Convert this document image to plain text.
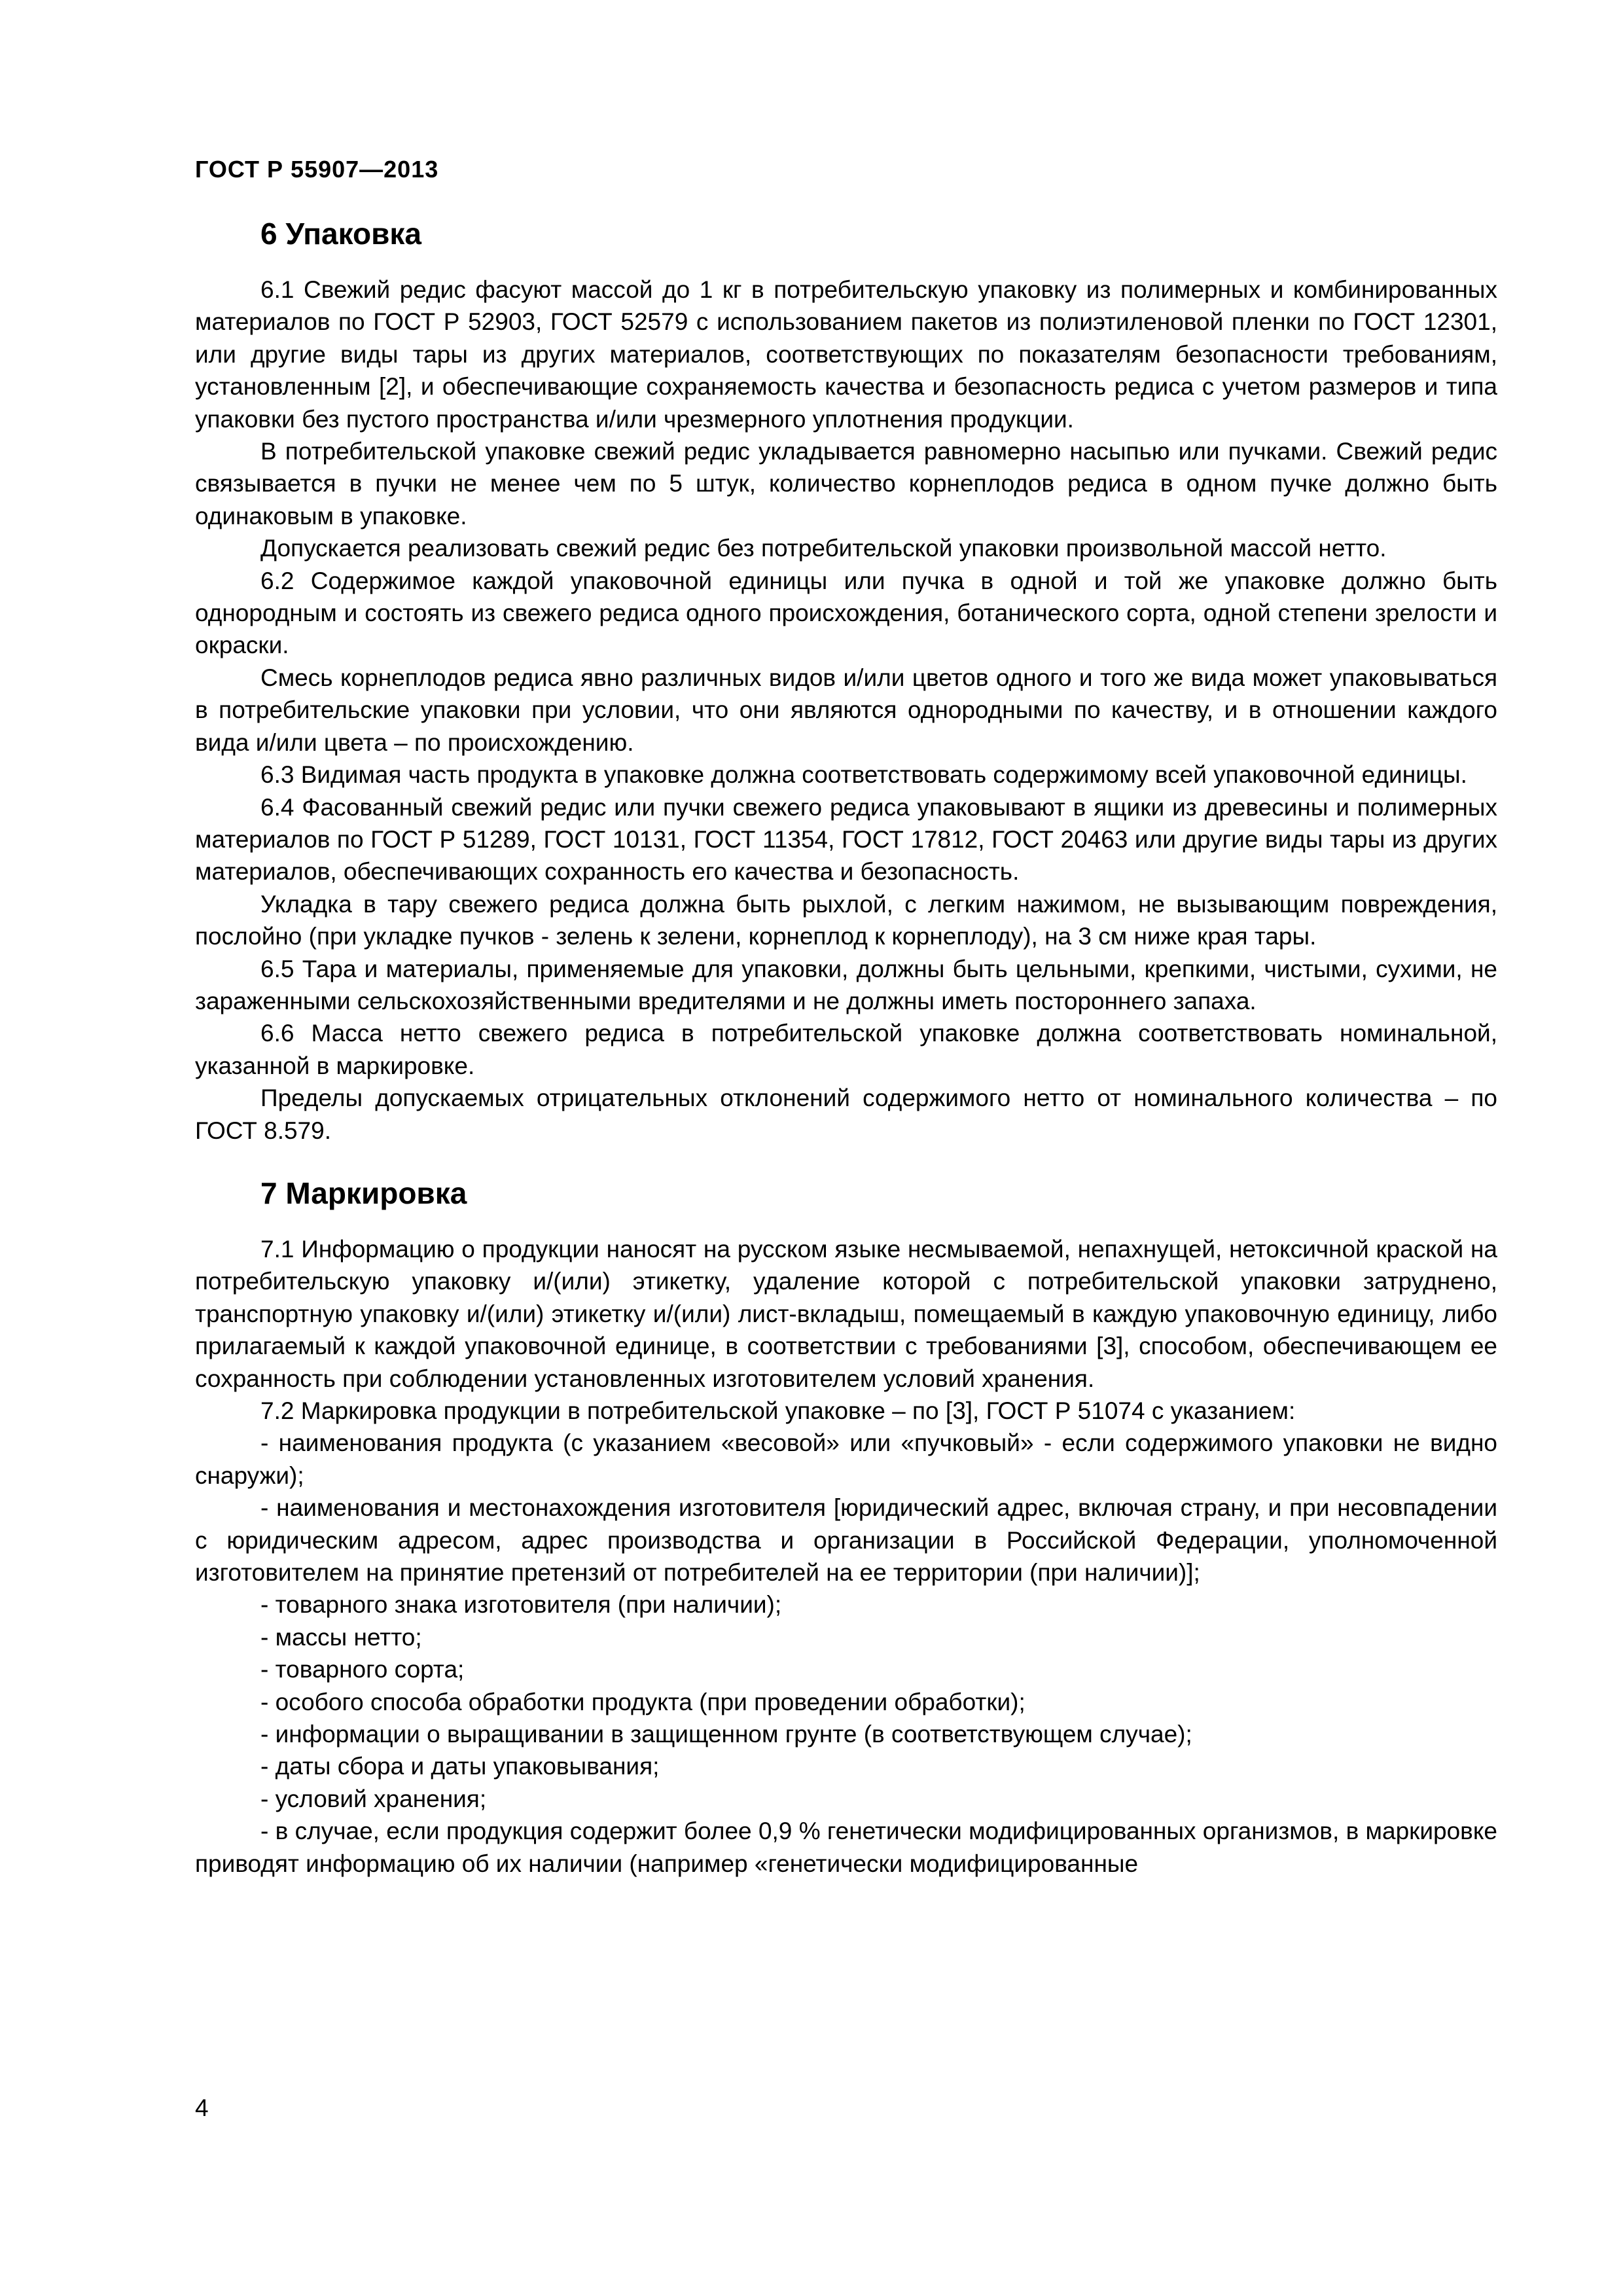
ГОСТ Р 55907—2013
6 Упаковка

6.1 Свежий редис фасуют массой до 1 кг в потребительскую упаковку из полимерных и комбинированных материалов по ГОСТ Р 52903, ГОСТ 52579 с использованием пакетов из полиэтиленовой пленки по ГОСТ 12301, или другие виды тары из других материалов, соответствующих по показателям безопасности требованиям, установленным [2], и обеспечивающие сохраняемость качества и безопасность редиса с учетом размеров и типа упаковки без пустого пространства и/или чрезмерного уплотнения продукции.

В потребительской упаковке свежий редис укладывается равномерно насыпью или пучками. Свежий редис связывается в пучки не менее чем по 5 штук, количество корнеплодов редиса в одном пучке должно быть одинаковым в упаковке.

Допускается реализовать свежий редис без потребительской упаковки произвольной массой нетто.

6.2 Содержимое каждой упаковочной единицы или пучка в одной и той же упаковке должно быть однородным и состоять из свежего редиса одного происхождения, ботанического сорта, одной степени зрелости и окраски.

Смесь корнеплодов редиса явно различных видов и/или цветов одного и того же вида может упаковываться в потребительские упаковки при условии, что они являются однородными по качеству, и в отношении каждого вида и/или цвета – по происхождению.

6.3 Видимая часть продукта в упаковке должна соответствовать содержимому всей упаковочной единицы.

6.4 Фасованный свежий редис или пучки свежего редиса упаковывают в ящики из древесины и полимерных материалов по ГОСТ Р 51289, ГОСТ 10131, ГОСТ 11354, ГОСТ 17812, ГОСТ 20463 или другие виды тары из других материалов, обеспечивающих сохранность его качества и безопасность.

Укладка в тару свежего редиса должна быть рыхлой, с легким нажимом, не вызывающим повреждения, послойно (при укладке пучков - зелень к зелени, корнеплод к корнеплоду), на 3 см ниже края тары.

6.5 Тара и материалы, применяемые для упаковки, должны быть цельными, крепкими, чистыми, сухими, не зараженными сельскохозяйственными вредителями и не должны иметь постороннего запаха.

6.6 Масса нетто свежего редиса в потребительской упаковке должна соответствовать номинальной, указанной в маркировке.

Пределы допускаемых отрицательных отклонений содержимого нетто от номинального количества – по ГОСТ 8.579.

7 Маркировка

7.1 Информацию о продукции наносят на русском языке несмываемой, непахнущей, нетоксичной краской на потребительскую упаковку и/(или) этикетку, удаление которой с потребительской упаковки затруднено, транспортную упаковку и/(или) этикетку и/(или) лист-вкладыш, помещаемый в каждую упаковочную единицу, либо прилагаемый к каждой упаковочной единице, в соответствии с требованиями [3], способом, обеспечивающем ее сохранность при соблюдении установленных изготовителем условий хранения.

7.2 Маркировка продукции в потребительской упаковке – по [3], ГОСТ Р 51074 с указанием:

- наименования продукта (с указанием «весовой» или «пучковый» - если содержимого упаковки не видно снаружи);

- наименования и местонахождения изготовителя [юридический адрес, включая страну, и при несовпадении с юридическим адресом, адрес производства и организации в Российской Федерации, уполномоченной изготовителем на принятие претензий от потребителей на ее территории (при наличии)];

- товарного знака изготовителя (при наличии);

- массы нетто;

- товарного сорта;

- особого способа обработки продукта (при проведении обработки);

- информации о выращивании в защищенном грунте (в соответствующем случае);

- даты сбора и даты упаковывания;

- условий хранения;

- в случае, если продукция содержит более 0,9 % генетически модифицированных организмов, в маркировке приводят информацию об их наличии (например «генетически модифицированные

4
